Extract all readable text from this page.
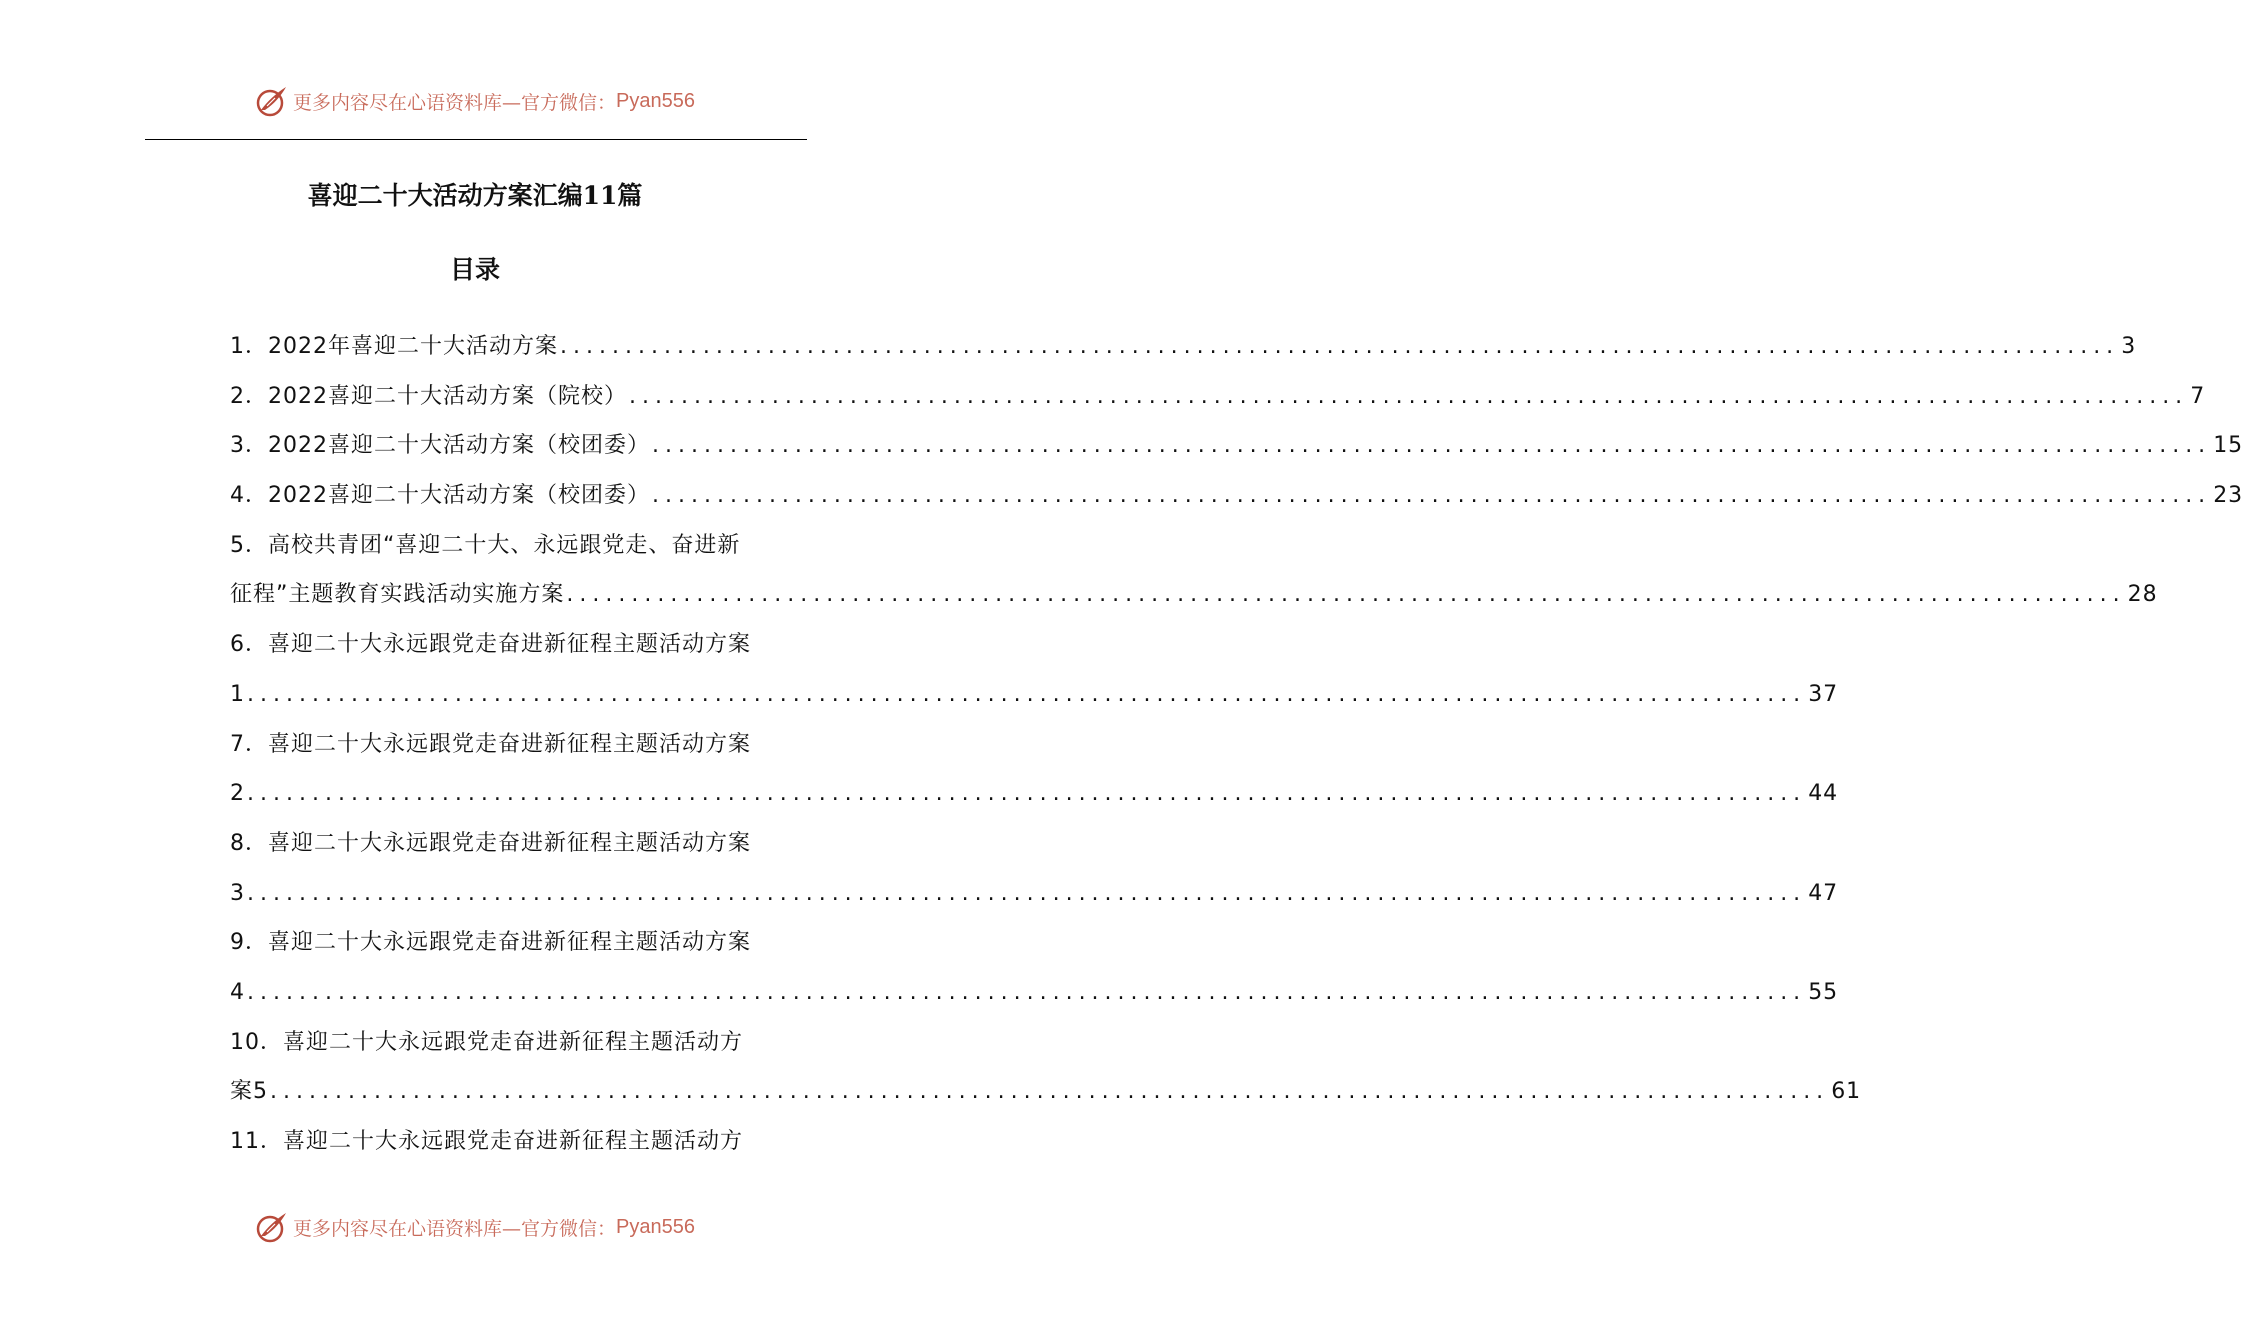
更多内容尽在心语资料库—官方微信： Pyan556
喜迎二十大活动方案汇编11篇
目录
1．2022年喜迎二十大活动方案 ........................................................................................................................ 3
2．2022喜迎二十大活动方案（院校） ........................................................................................................................ 7
3．2022喜迎二十大活动方案（校团委） ........................................................................................................................ 15
4．2022喜迎二十大活动方案（校团委） ........................................................................................................................ 23
5．高校共青团“喜迎二十大、永远跟党走、奋进新
征程”主题教育实践活动实施方案 ........................................................................................................................ 28
6．喜迎二十大永远跟党走奋进新征程主题活动方案
1 ........................................................................................................................ 37
7．喜迎二十大永远跟党走奋进新征程主题活动方案
2 ........................................................................................................................ 44
8．喜迎二十大永远跟党走奋进新征程主题活动方案
3 ........................................................................................................................ 47
9．喜迎二十大永远跟党走奋进新征程主题活动方案
4 ........................................................................................................................ 55
10．喜迎二十大永远跟党走奋进新征程主题活动方
案5 ........................................................................................................................ 61
11．喜迎二十大永远跟党走奋进新征程主题活动方
更多内容尽在心语资料库—官方微信： Pyan556
